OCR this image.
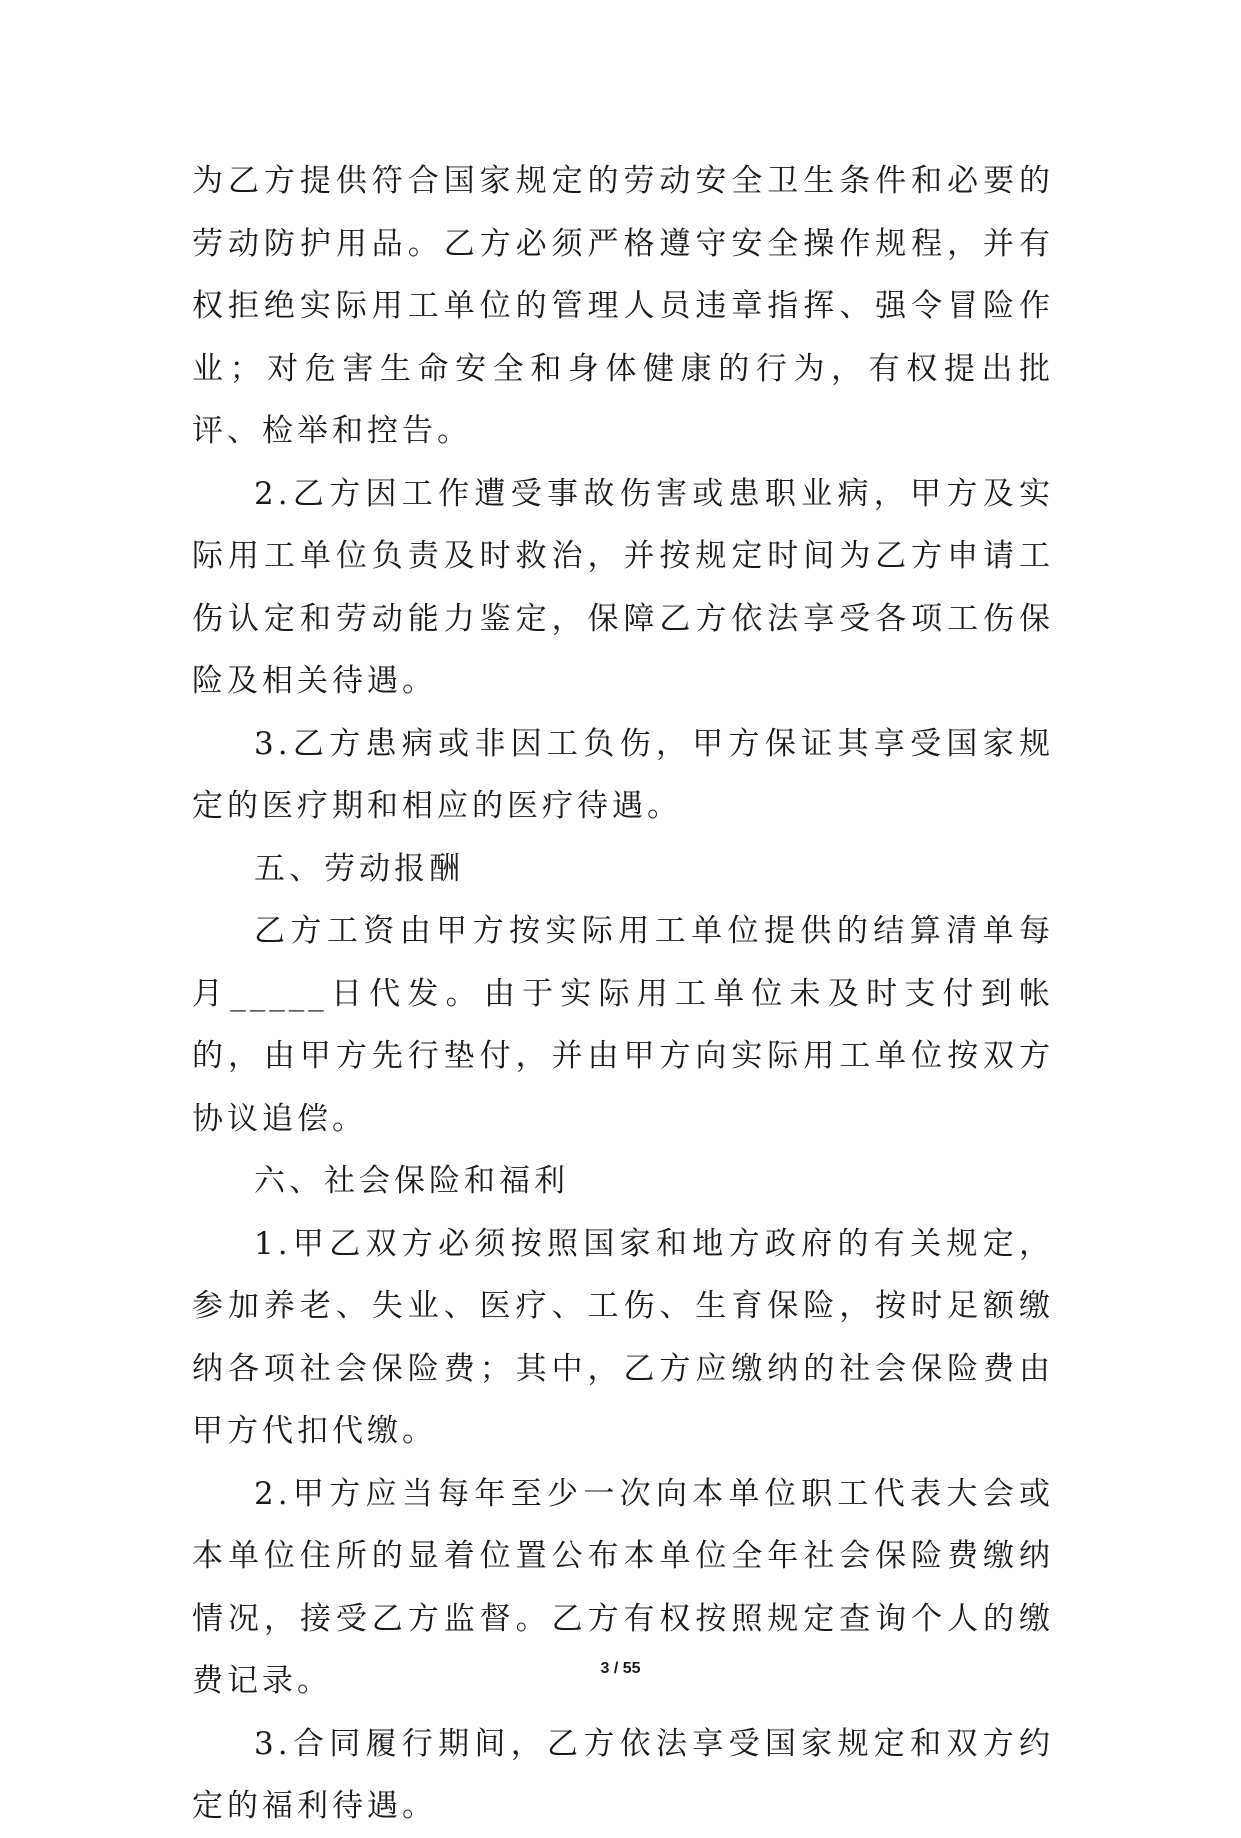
为乙方提供符合国家规定的劳动安全卫生条件和必要的劳动防护用品。乙方必须严格遵守安全操作规程，并有权拒绝实际用工单位的管理人员违章指挥、强令冒险作业；对危害生命安全和身体健康的行为，有权提出批评、检举和控告。

2.乙方因工作遭受事故伤害或患职业病，甲方及实际用工单位负责及时救治，并按规定时间为乙方申请工伤认定和劳动能力鉴定，保障乙方依法享受各项工伤保险及相关待遇。

3.乙方患病或非因工负伤，甲方保证其享受国家规定的医疗期和相应的医疗待遇。

五、劳动报酬

乙方工资由甲方按实际用工单位提供的结算清单每月_____日代发。由于实际用工单位未及时支付到帐的，由甲方先行垫付，并由甲方向实际用工单位按双方协议追偿。

六、社会保险和福利

1.甲乙双方必须按照国家和地方政府的有关规定，参加养老、失业、医疗、工伤、生育保险，按时足额缴纳各项社会保险费；其中，乙方应缴纳的社会保险费由甲方代扣代缴。

2.甲方应当每年至少一次向本单位职工代表大会或本单位住所的显着位置公布本单位全年社会保险费缴纳情况，接受乙方监督。乙方有权按照规定查询个人的缴费记录。

3.合同履行期间，乙方依法享受国家规定和双方约定的福利待遇。

3 / 55
